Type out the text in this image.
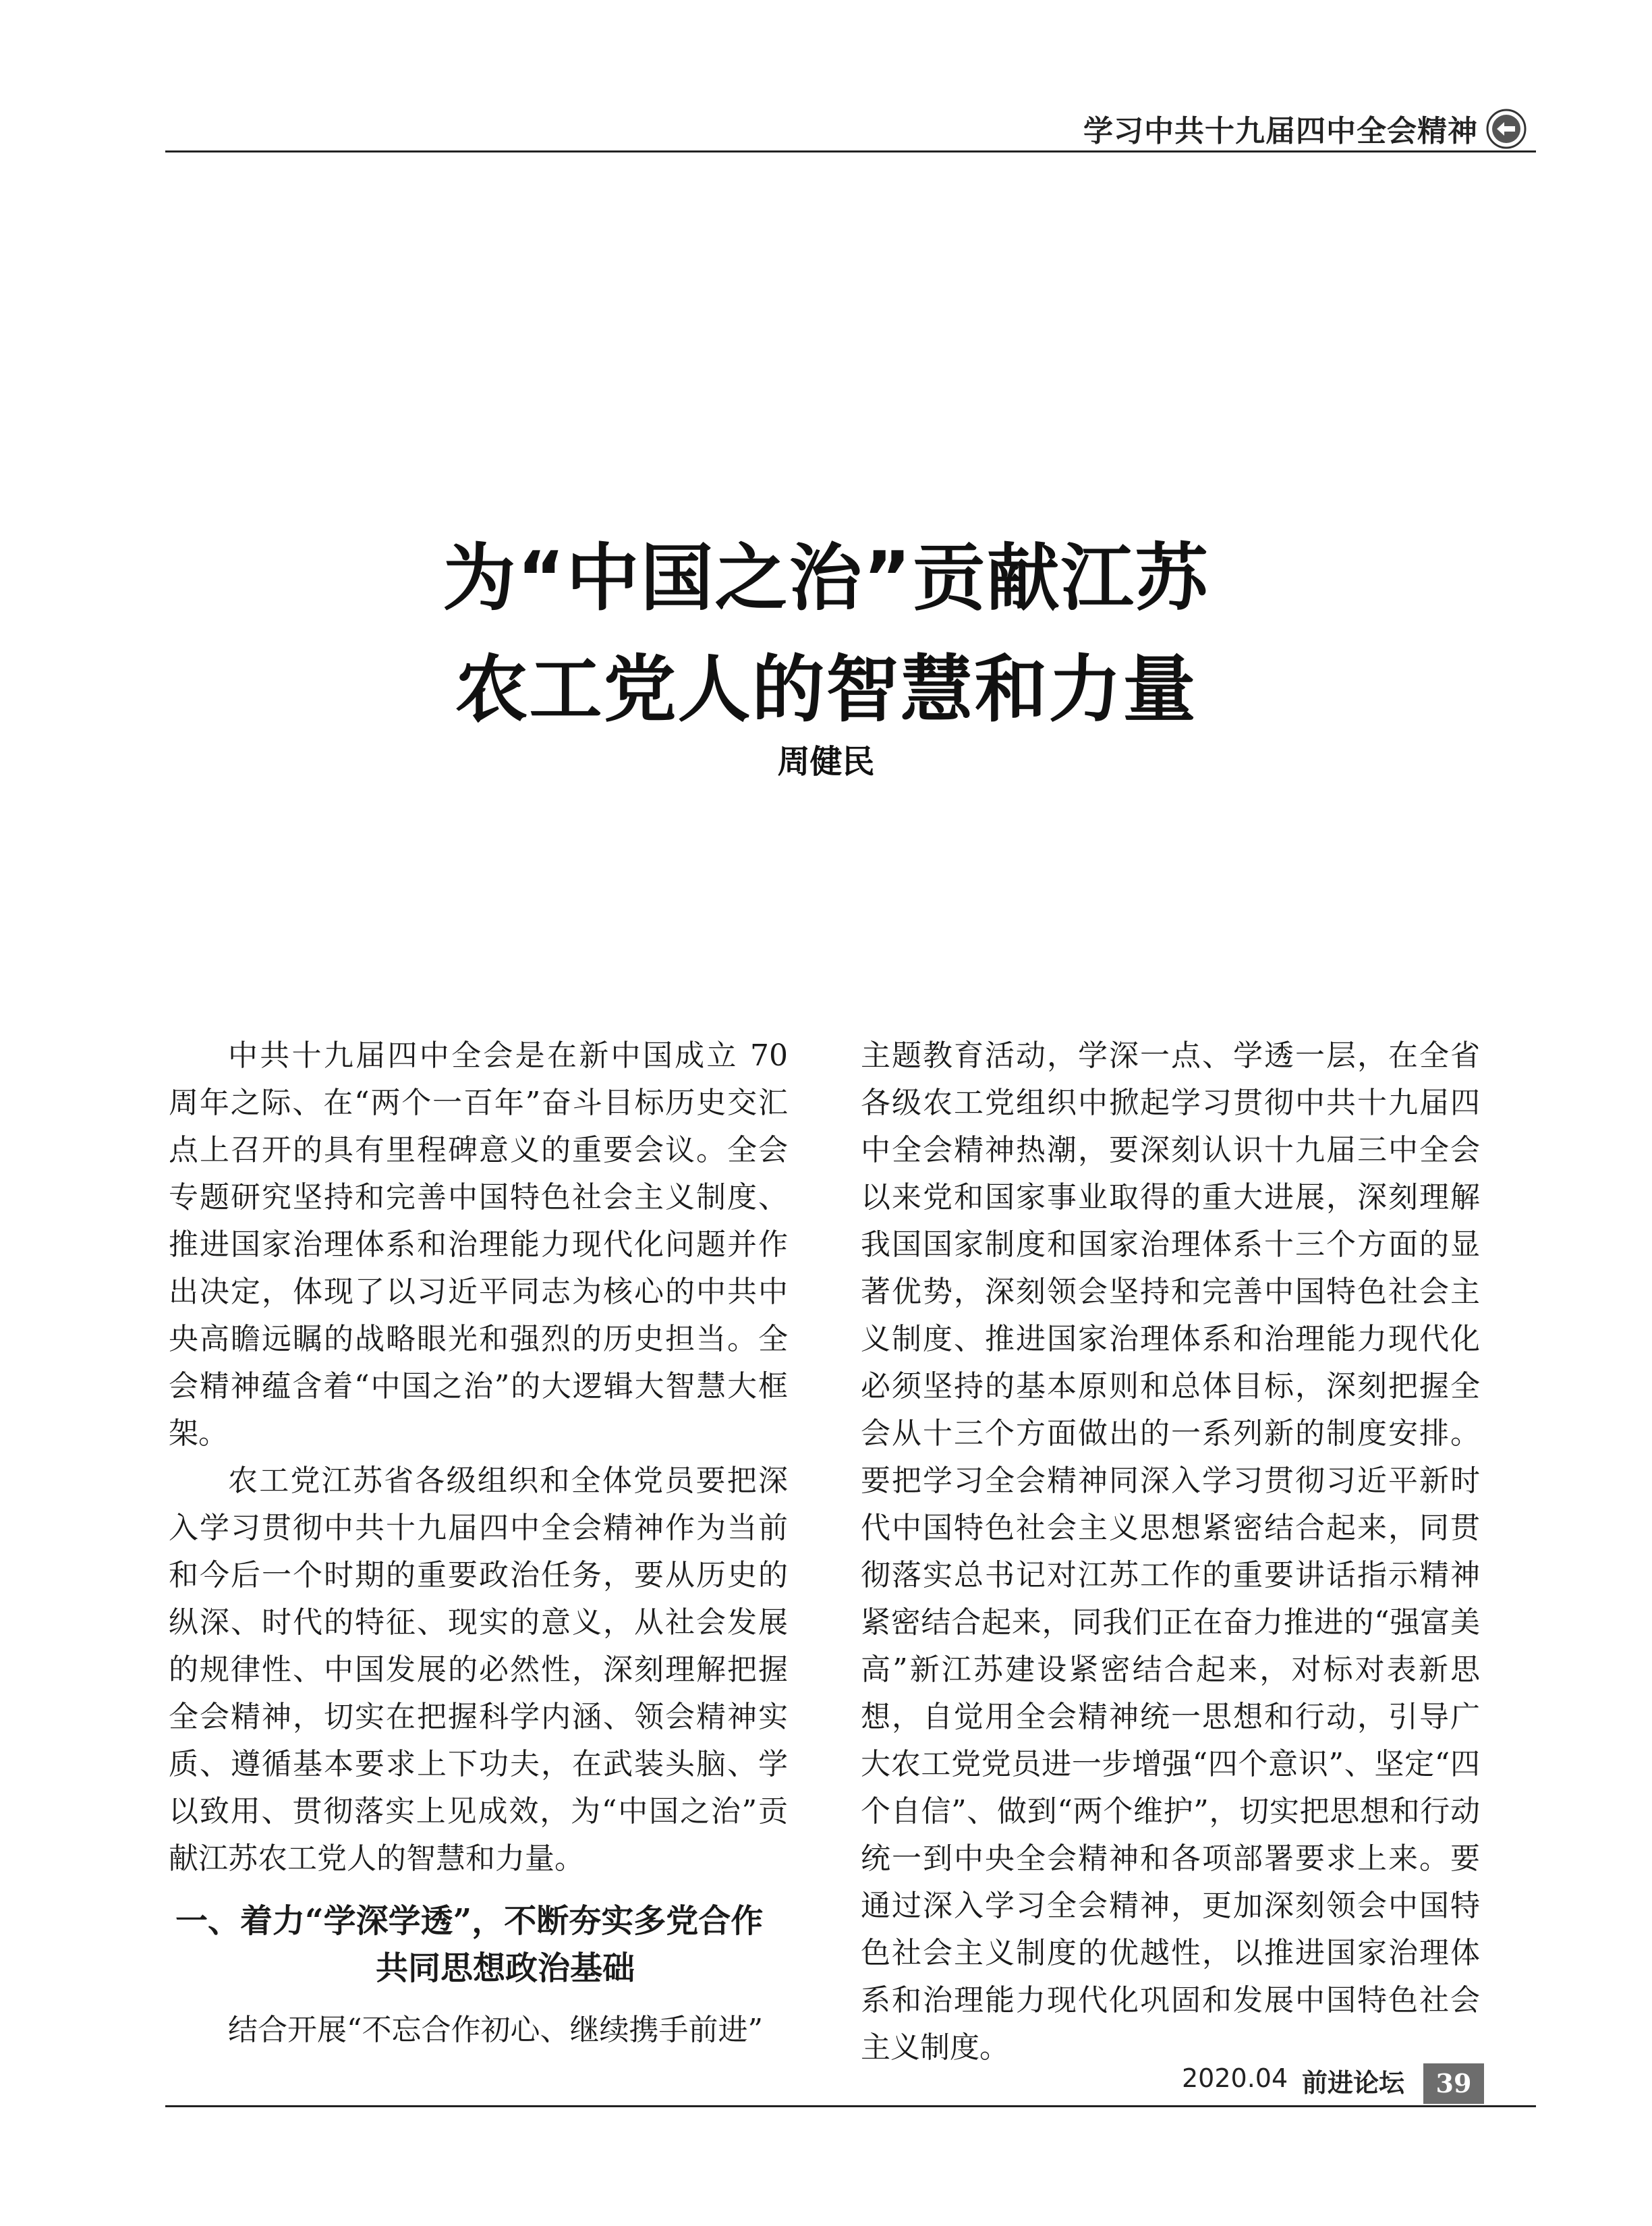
学习中共十九届四中全会精神
为“中国之治”贡献江苏
农工党人的智慧和力量
周健民

中共十九届四中全会是在新中国成立 70 周年之际、在“两个一百年”奋斗目标历史交汇点上召开的具有里程碑意义的重要会议。全会专题研究坚持和完善中国特色社会主义制度、推进国家治理体系和治理能力现代化问题并作出决定，体现了以习近平同志为核心的中共中央高瞻远瞩的战略眼光和强烈的历史担当。全会精神蕴含着“中国之治”的大逻辑大智慧大框架。

农工党江苏省各级组织和全体党员要把深入学习贯彻中共十九届四中全会精神作为当前和今后一个时期的重要政治任务，要从历史的纵深、时代的特征、现实的意义，从社会发展的规律性、中国发展的必然性，深刻理解把握全会精神，切实在把握科学内涵、领会精神实质、遵循基本要求上下功夫，在武装头脑、学以致用、贯彻落实上见成效，为“中国之治”贡献江苏农工党人的智慧和力量。

一、着力“学深学透”，不断夯实多党合作
共同思想政治基础

结合开展“不忘合作初心、继续携手前进”

主题教育活动，学深一点、学透一层，在全省各级农工党组织中掀起学习贯彻中共十九届四中全会精神热潮，要深刻认识十九届三中全会以来党和国家事业取得的重大进展，深刻理解我国国家制度和国家治理体系十三个方面的显著优势，深刻领会坚持和完善中国特色社会主义制度、推进国家治理体系和治理能力现代化必须坚持的基本原则和总体目标，深刻把握全会从十三个方面做出的一系列新的制度安排。要把学习全会精神同深入学习贯彻习近平新时代中国特色社会主义思想紧密结合起来，同贯彻落实总书记对江苏工作的重要讲话指示精神紧密结合起来，同我们正在奋力推进的“强富美高”新江苏建设紧密结合起来，对标对表新思想，自觉用全会精神统一思想和行动，引导广大农工党党员进一步增强“四个意识”、坚定“四个自信”、做到“两个维护”，切实把思想和行动统一到中央全会精神和各项部署要求上来。要通过深入学习全会精神，更加深刻领会中国特色社会主义制度的优越性，以推进国家治理体系和治理能力现代化巩固和发展中国特色社会主义制度。

2020.04 前进论坛	39
